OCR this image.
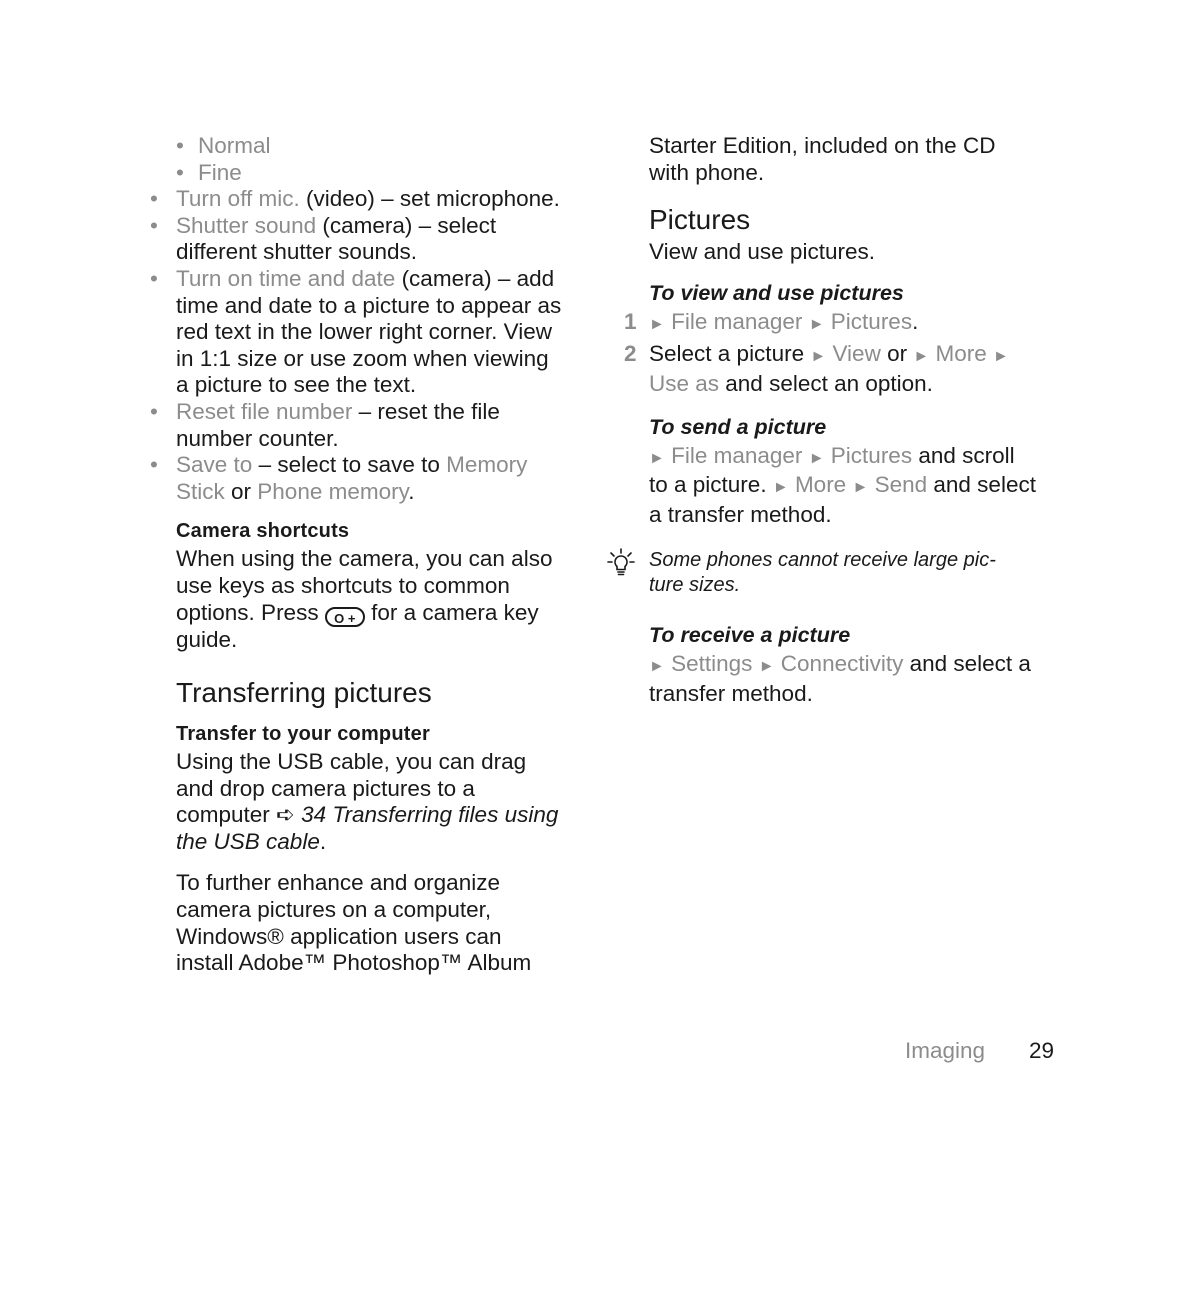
• Normal

• Fine

• Turn off mic. (video) – set microphone.

• Shutter sound (camera) – select
different shutter sounds.

• Turn on time and date (camera) – add
time and date to a picture to appear as
red text in the lower right corner. View
in 1:1 size or use zoom when viewing
a picture to see the text.

• Reset file number – reset the file
number counter.

• Save to – select to save to Memory
Stick or Phone memory.

Camera shortcuts

When using the camera, you can also
use keys as shortcuts to common
options. Press O + for a camera key
guide.

Transferring pictures
Transfer to your computer

Using the USB cable, you can drag
and drop camera pictures to a
computer ➪ 34 Transferring files using
the USB cable.

To further enhance and organize
camera pictures on a computer,
Windows® application users can
install Adobe™ Photoshop™ Album

Starter Edition, included on the CD
with phone.

Pictures

View and use pictures.

To view and use pictures

1 ► File manager ► Pictures.

2 Select a picture ► View or ► More ►
Use as and select an option.

To send a picture

► File manager ► Pictures and scroll
to a picture. ► More ► Send and select
a transfer method.

Some phones cannot receive large pic-
ture sizes.
To receive a picture

► Settings ► Connectivity and select a
transfer method.

Imaging 29
